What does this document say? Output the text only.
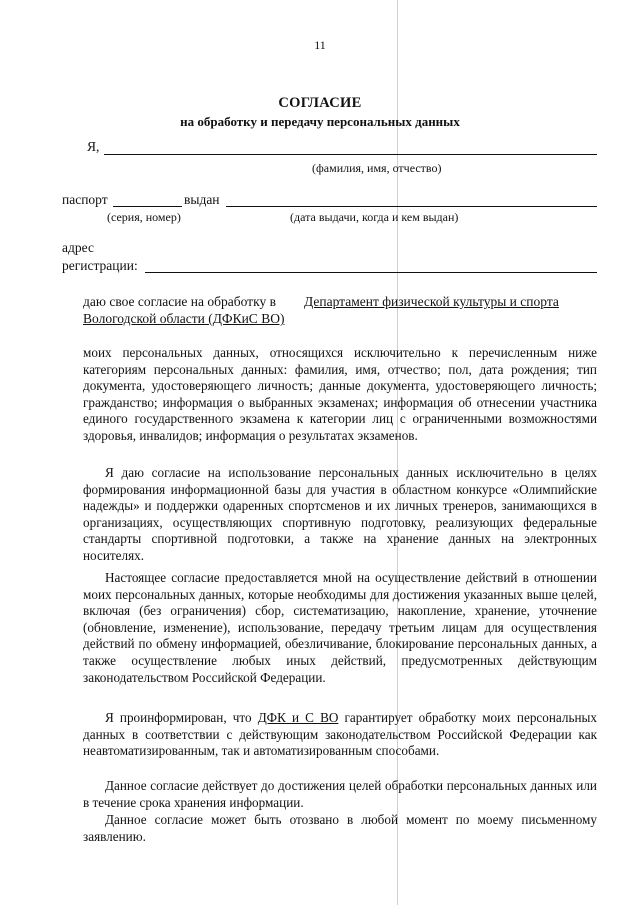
11
СОГЛАСИЕ
на обработку и передачу персональных данных
Я,
(фамилия, имя, отчество)
паспорт	выдан
(серия, номер)	(дата выдачи, когда и кем выдан)
адрес
регистрации:
даю свое согласие на обработку в Департамент физической культуры и спорта
Вологодской области (ДФКиС ВО)
моих персональных данных, относящихся исключительно к перечисленным ниже категориям персональных данных: фамилия, имя, отчество; пол, дата рождения; тип документа, удостоверяющего личность; данные документа, удостоверяющего личность; гражданство; информация о выбранных экзаменах; информация об отнесении участника единого государственного экзамена к категории лиц с ограниченными возможностями здоровья, инвалидов; информация о результатах экзаменов.
Я даю согласие на использование персональных данных исключительно в целях формирования информационной базы для участия в областном конкурсе «Олимпийские надежды» и поддержки одаренных спортсменов и их личных тренеров, занимающихся в организациях, осуществляющих спортивную подготовку, реализующих федеральные стандарты спортивной подготовки, а также на хранение данных на электронных носителях.
Настоящее согласие предоставляется мной на осуществление действий в отношении моих персональных данных, которые необходимы для достижения указанных выше целей, включая (без ограничения) сбор, систематизацию, накопление, хранение, уточнение (обновление, изменение), использование, передачу третьим лицам для осуществления действий по обмену информацией, обезличивание, блокирование персональных данных, а также осуществление любых иных действий, предусмотренных действующим законодательством Российской Федерации.
Я проинформирован, что ДФК и С ВО гарантирует обработку моих персональных данных в соответствии с действующим законодательством Российской Федерации как неавтоматизированным, так и автоматизированным способами.
Данное согласие действует до достижения целей обработки персональных данных или в течение срока хранения информации.
Данное согласие может быть отозвано в любой момент по моему письменному заявлению.
